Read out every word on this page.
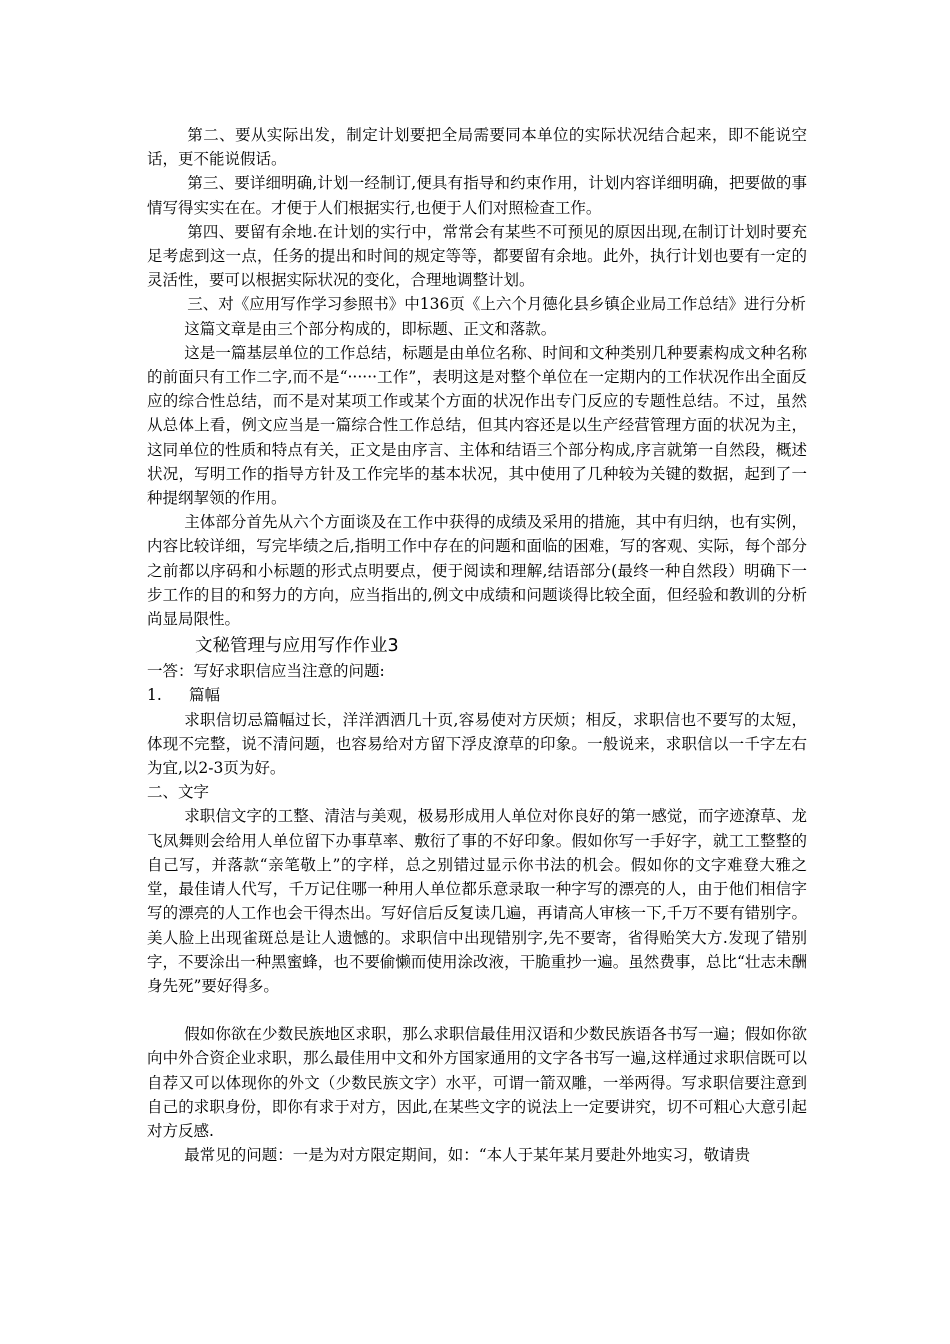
第二、要从实际出发，制定计划要把全局需要同本单位的实际状况结合起来，即不能说空话，更不能说假话。

第三、要详细明确,计划一经制订,便具有指导和约束作用，计划内容详细明确，把要做的事情写得实实在在。才便于人们根据实行,也便于人们对照检查工作。

第四、要留有余地.在计划的实行中，常常会有某些不可预见的原因出现,在制订计划时要充足考虑到这一点，任务的提出和时间的规定等等，都要留有余地。此外，执行计划也要有一定的灵活性，要可以根据实际状况的变化，合理地调整计划。

三、对《应用写作学习参照书》中136页《上六个月德化县乡镇企业局工作总结》进行分析

这篇文章是由三个部分构成的，即标题、正文和落款。

这是一篇基层单位的工作总结，标题是由单位名称、时间和文种类别几种要素构成文种名称的前面只有工作二字,而不是“······工作”，表明这是对整个单位在一定期内的工作状况作出全面反应的综合性总结，而不是对某项工作或某个方面的状况作出专门反应的专题性总结。不过，虽然从总体上看，例文应当是一篇综合性工作总结，但其内容还是以生产经营管理方面的状况为主，这同单位的性质和特点有关，正文是由序言、主体和结语三个部分构成,序言就第一自然段，概述状况，写明工作的指导方针及工作完毕的基本状况，其中使用了几种较为关键的数据，起到了一种提纲挈领的作用。

主体部分首先从六个方面谈及在工作中获得的成绩及采用的措施，其中有归纳，也有实例，内容比较详细，写完毕绩之后,指明工作中存在的问题和面临的困难，写的客观、实际，每个部分之前都以序码和小标题的形式点明要点，便于阅读和理解,结语部分(最终一种自然段）明确下一步工作的目的和努力的方向，应当指出的,例文中成绩和问题谈得比较全面，但经验和教训的分析尚显局限性。

文秘管理与应用写作作业3

一答：写好求职信应当注意的问题:

1. 篇幅

求职信切忌篇幅过长，洋洋洒洒几十页,容易使对方厌烦；相反，求职信也不要写的太短，体现不完整，说不清问题，也容易给对方留下浮皮潦草的印象。一般说来，求职信以一千字左右为宜,以2-3页为好。

二、文字

求职信文字的工整、清洁与美观，极易形成用人单位对你良好的第一感觉，而字迹潦草、龙飞凤舞则会给用人单位留下办事草率、敷衍了事的不好印象。假如你写一手好字，就工工整整的自己写，并落款“亲笔敬上”的字样，总之别错过显示你书法的机会。假如你的文字难登大雅之堂，最佳请人代写，千万记住哪一种用人单位都乐意录取一种字写的漂亮的人，由于他们相信字写的漂亮的人工作也会干得杰出。写好信后反复读几遍，再请高人审核一下,千万不要有错别字。美人脸上出现雀斑总是让人遗憾的。求职信中出现错别字,先不要寄，省得贻笑大方.发现了错别字，不要涂出一种黑蜜蜂，也不要偷懒而使用涂改液，干脆重抄一遍。虽然费事，总比“壮志未酬身先死”要好得多。

假如你欲在少数民族地区求职，那么求职信最佳用汉语和少数民族语各书写一遍；假如你欲向中外合资企业求职，那么最佳用中文和外方国家通用的文字各书写一遍,这样通过求职信既可以自荐又可以体现你的外文（少数民族文字）水平，可谓一箭双雕，一举两得。写求职信要注意到自己的求职身份，即你有求于对方，因此,在某些文字的说法上一定要讲究，切不可粗心大意引起对方反感.

最常见的问题：一是为对方限定期间，如：“本人于某年某月要赴外地实习，敬请贵
